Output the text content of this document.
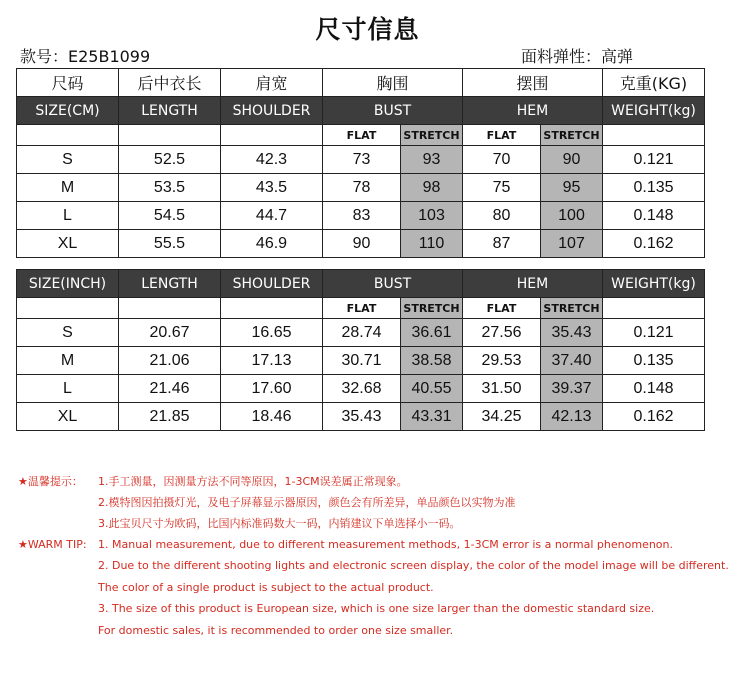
尺寸信息
款号：E25B1099	面料弹性：高弹
尺码	后中衣长	肩宽	胸围		摆围		克重(KG)
SIZE(CM)	LENGTH	SHOULDER	BUST		HEM		WEIGHT(kg)
			FLAT	STRETCH	FLAT	STRETCH	
S	52.5	42.3	73	93	70	90	0.121
M	53.5	43.5	78	98	75	95	0.135
L	54.5	44.7	83	103	80	100	0.148
XL	55.5	46.9	90	110	87	107	0.162
SIZE(INCH)	LENGTH	SHOULDER	BUST		HEM		WEIGHT(kg)
			FLAT	STRETCH	FLAT	STRETCH	
S	20.67	16.65	28.74	36.61	27.56	35.43	0.121
M	21.06	17.13	30.71	38.58	29.53	37.40	0.135
L	21.46	17.60	32.68	40.55	31.50	39.37	0.148
XL	21.85	18.46	35.43	43.31	34.25	42.13	0.162
★温馨提示： 1.手工测量，因测量方法不同等原因，1-3CM误差属正常现象。
2.模特图因拍摄灯光，及电子屏幕显示器原因，颜色会有所差异，单品颜色以实物为准
3.此宝贝尺寸为欧码，比国内标准码数大一码，内销建议下单选择小一码。
★WARM TIP: 1. Manual measurement, due to different measurement methods, 1-3CM error is a normal phenomenon.
2. Due to the different shooting lights and electronic screen display, the color of the model image will be different.
The color of a single product is subject to the actual product.
3. The size of this product is European size, which is one size larger than the domestic standard size.
For domestic sales, it is recommended to order one size smaller.
